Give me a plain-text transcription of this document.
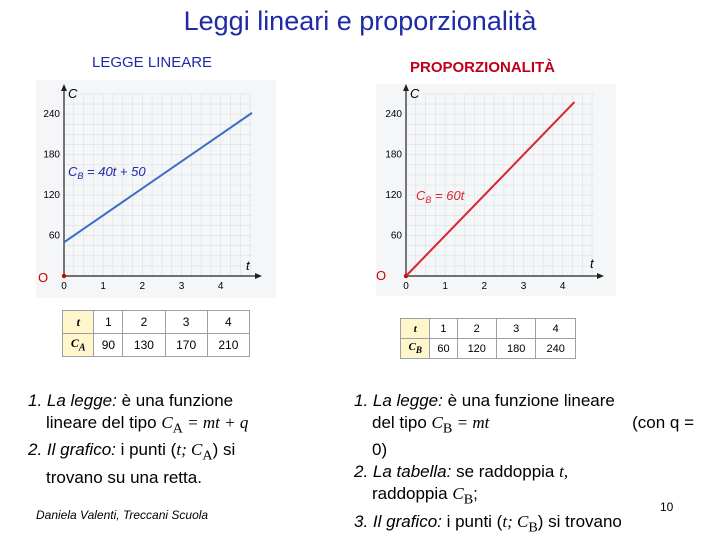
Leggi lineari e proporzionalità
LEGGE LINEARE	PROPORZIONALITÀ
0	1	2	3	4
60
120
180
240
C
t
O
$C_B = 40t + 50$
0	1	2	3	4
60
120
180
240
C
t
O
$C_B = 60t$
t	1	2	3	4
$C_A$	90	130	170	210
t	1	2	3	4
$C_B$	60	120	180	240
1. La legge: è una funzione
lineare del tipo $C_A$ = mt + q
2. Il grafico: i punti (t; $C_A$) si
trovano su una retta.
Daniela Valenti, Treccani Scuola
1. La legge: è una funzione lineare
del tipo $C_B$ = mt	(con q =
0)
2. La tabella: se raddoppia t,
raddoppia $C_B$;
3. Il grafico: i punti (t; $C_B$) si trovano
10
